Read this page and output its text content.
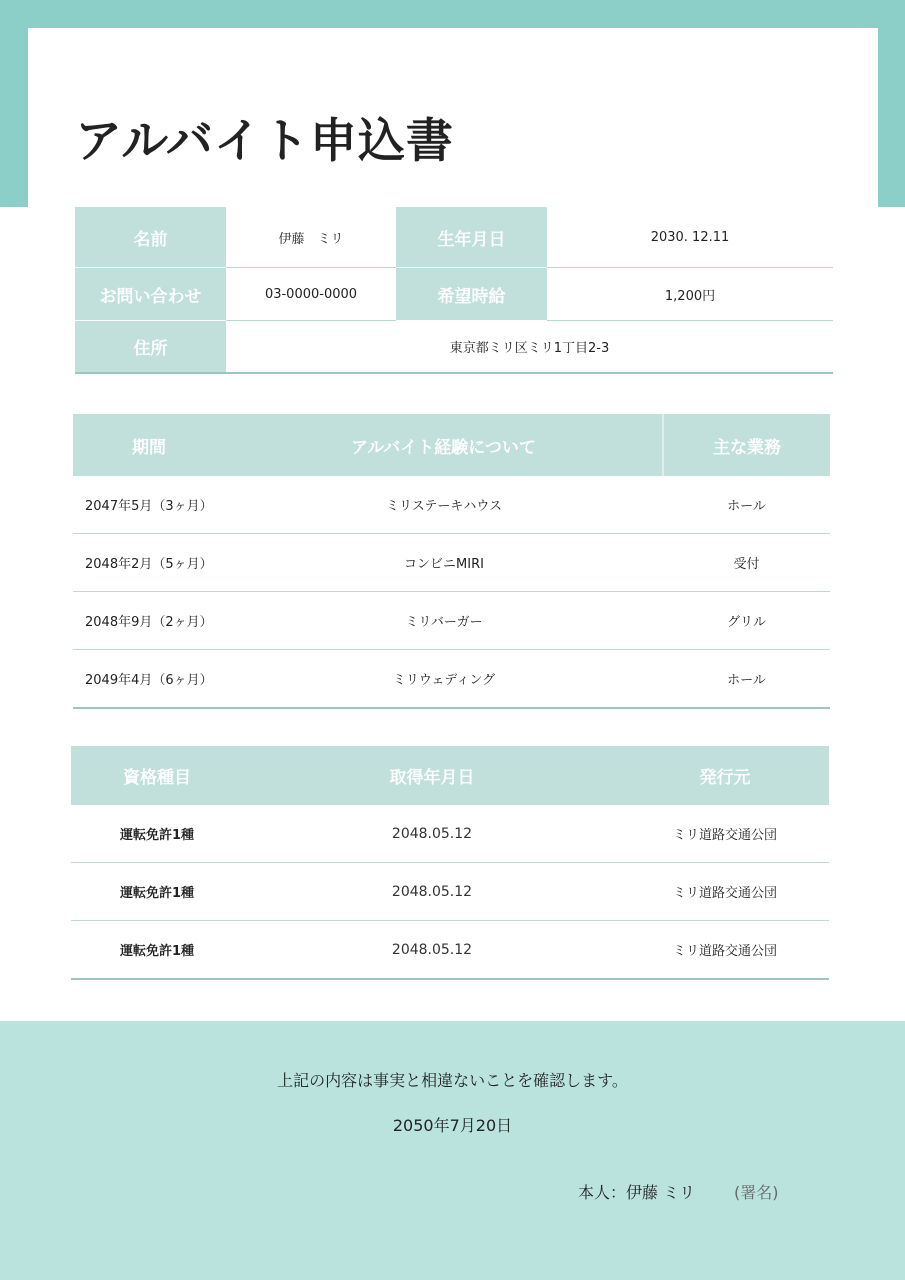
アルバイト申込書
名前	伊藤　ミリ	生年月日	2030. 12.11
お問い合わせ	03-0000-0000	希望時給	1,200円
住所	東京都ミリ区ミリ1丁目2-3		
期間	アルバイト経験について	主な業務
2047年5月（3ヶ月）	ミリステーキハウス	ホール
2048年2月（5ヶ月）	コンビニMIRI	受付
2048年9月（2ヶ月）	ミリバーガー	グリル
2049年4月（6ヶ月）	ミリウェディング	ホール
資格種目	取得年月日	発行元
運転免許1種	2048.05.12	ミリ道路交通公団
運転免許1種	2048.05.12	ミリ道路交通公団
運転免許1種	2048.05.12	ミリ道路交通公団
上記の内容は事実と相違ないことを確認します。
2050年7月20日
本人：伊藤 ミリ (署名)
